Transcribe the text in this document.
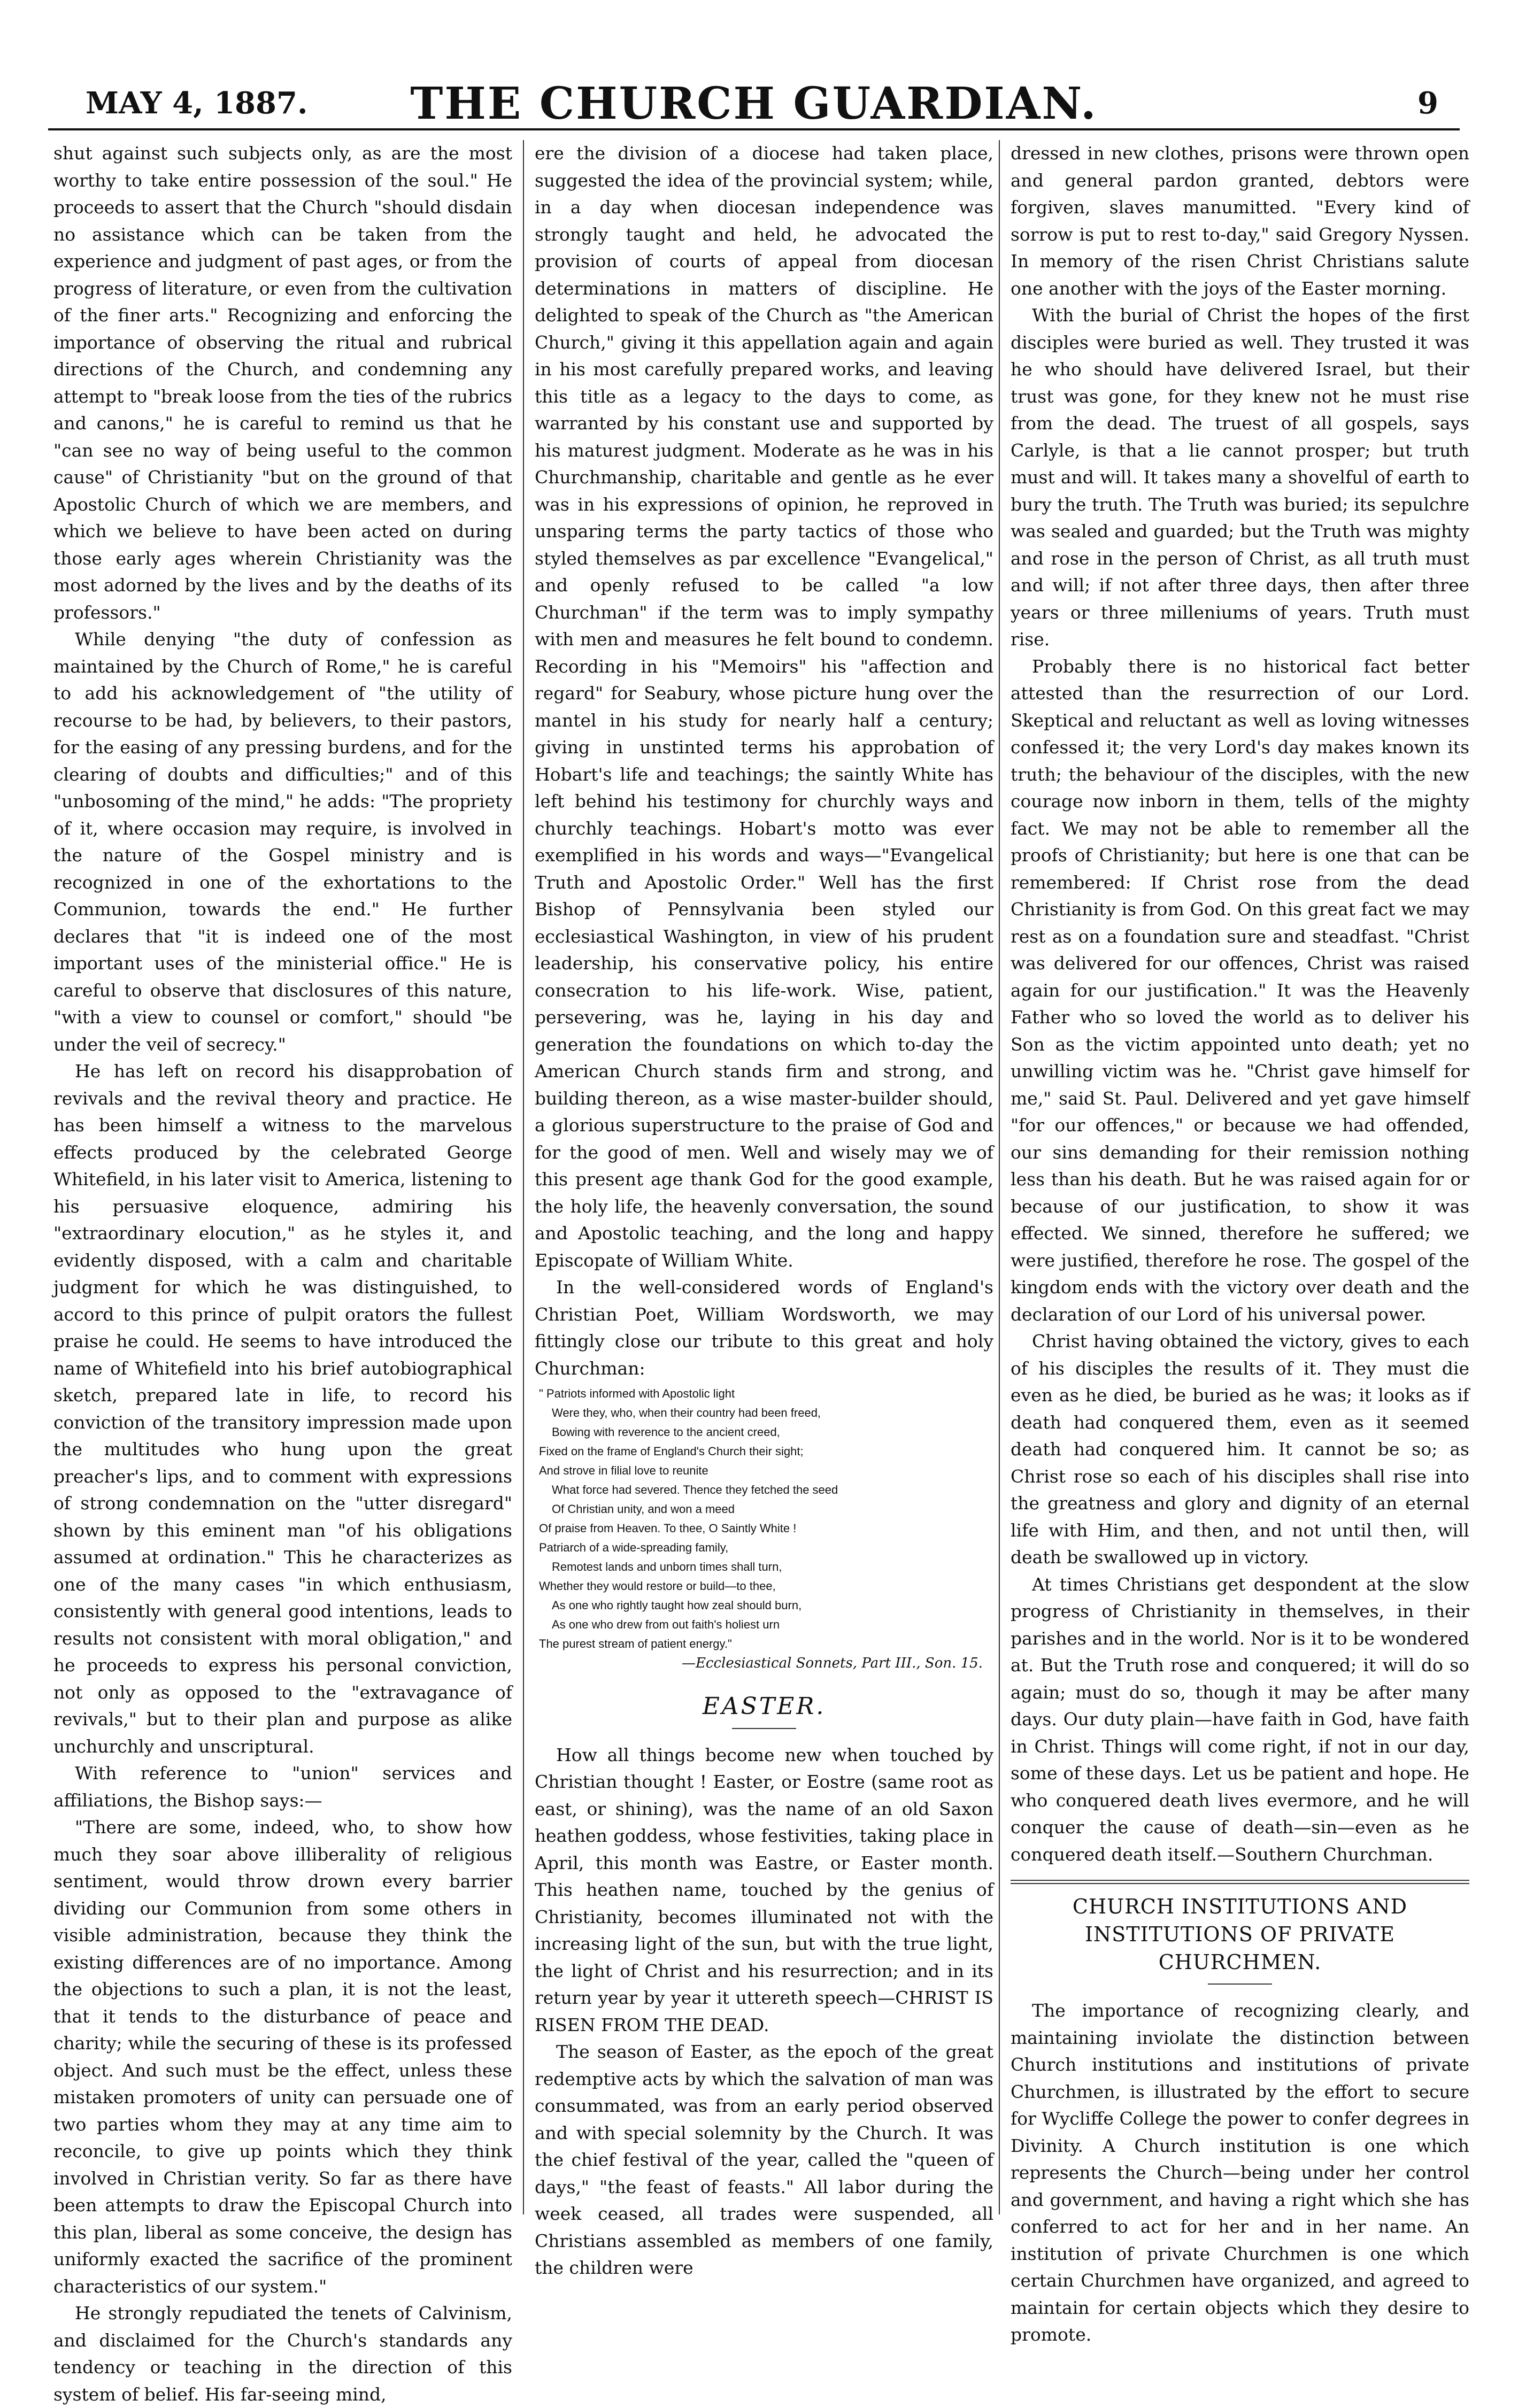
MAY 4, 1887.	THE CHURCH GUARDIAN.	9

shut against such subjects only, as are the most worthy to take entire possession of the soul." He proceeds to assert that the Church "should disdain no assistance which can be taken from the experience and judgment of past ages, or from the progress of literature, or even from the cultivation of the finer arts." Recognizing and enforcing the importance of observing the ritual and rubrical directions of the Church, and condemning any attempt to "break loose from the ties of the rubrics and canons," he is careful to remind us that he "can see no way of being useful to the common cause" of Christianity "but on the ground of that Apostolic Church of which we are members, and which we believe to have been acted on during those early ages wherein Christianity was the most adorned by the lives and by the deaths of its professors."

While denying "the duty of confession as maintained by the Church of Rome," he is careful to add his acknowledgement of "the utility of recourse to be had, by believers, to their pastors, for the easing of any pressing burdens, and for the clearing of doubts and difficulties;" and of this "unbosoming of the mind," he adds: "The propriety of it, where occasion may require, is involved in the nature of the Gospel ministry and is recognized in one of the exhortations to the Communion, towards the end." He further declares that "it is indeed one of the most important uses of the ministerial office." He is careful to observe that disclosures of this nature, "with a view to counsel or comfort," should "be under the veil of secrecy."

He has left on record his disapprobation of revivals and the revival theory and practice. He has been himself a witness to the marvelous effects produced by the celebrated George Whitefield, in his later visit to America, listening to his persuasive eloquence, admiring his "extraordinary elocution," as he styles it, and evidently disposed, with a calm and charitable judgment for which he was distinguished, to accord to this prince of pulpit orators the fullest praise he could. He seems to have introduced the name of Whitefield into his brief autobiographical sketch, prepared late in life, to record his conviction of the transitory impression made upon the multitudes who hung upon the great preacher's lips, and to comment with expressions of strong condemnation on the "utter disregard" shown by this eminent man "of his obligations assumed at ordination." This he characterizes as one of the many cases "in which enthusiasm, consistently with general good intentions, leads to results not consistent with moral obligation," and he proceeds to express his personal conviction, not only as opposed to the "extravagance of revivals," but to their plan and purpose as alike unchurchly and unscriptural.

With reference to "union" services and affiliations, the Bishop says:—

"There are some, indeed, who, to show how much they soar above illiberality of religious sentiment, would throw drown every barrier dividing our Communion from some others in visible administration, because they think the existing differences are of no importance. Among the objections to such a plan, it is not the least, that it tends to the disturbance of peace and charity; while the securing of these is its professed object. And such must be the effect, unless these mistaken promoters of unity can persuade one of two parties whom they may at any time aim to reconcile, to give up points which they think involved in Christian verity. So far as there have been attempts to draw the Episcopal Church into this plan, liberal as some conceive, the design has uniformly exacted the sacrifice of the prominent characteristics of our system."

He strongly repudiated the tenets of Calvinism, and disclaimed for the Church's standards any tendency or teaching in the direction of this system of belief. His far-seeing mind,

ere the division of a diocese had taken place, suggested the idea of the provincial system; while, in a day when diocesan independence was strongly taught and held, he advocated the provision of courts of appeal from diocesan determinations in matters of discipline. He delighted to speak of the Church as "the American Church," giving it this appellation again and again in his most carefully prepared works, and leaving this title as a legacy to the days to come, as warranted by his constant use and supported by his maturest judgment. Moderate as he was in his Churchmanship, charitable and gentle as he ever was in his expressions of opinion, he reproved in unsparing terms the party tactics of those who styled themselves as par excellence "Evangelical," and openly refused to be called "a low Churchman" if the term was to imply sympathy with men and measures he felt bound to condemn. Recording in his "Memoirs" his "affection and regard" for Seabury, whose picture hung over the mantel in his study for nearly half a century; giving in unstinted terms his approbation of Hobart's life and teachings; the saintly White has left behind his testimony for churchly ways and churchly teachings. Hobart's motto was ever exemplified in his words and ways—"Evangelical Truth and Apostolic Order." Well has the first Bishop of Pennsylvania been styled our ecclesiastical Washington, in view of his prudent leadership, his conservative policy, his entire consecration to his life-work. Wise, patient, persevering, was he, laying in his day and generation the foundations on which to-day the American Church stands firm and strong, and building thereon, as a wise master-builder should, a glorious superstructure to the praise of God and for the good of men. Well and wisely may we of this present age thank God for the good example, the holy life, the heavenly conversation, the sound and Apostolic teaching, and the long and happy Episcopate of William White.

In the well-considered words of England's Christian Poet, William Wordsworth, we may fittingly close our tribute to this great and holy Churchman:

" Patriots informed with Apostolic light
Were they, who, when their country had been freed,
Bowing with reverence to the ancient creed,
Fixed on the frame of England's Church their sight;
And strove in filial love to reunite
What force had severed. Thence they fetched the seed
Of Christian unity, and won a meed
Of praise from Heaven. To thee, O Saintly White !
Patriarch of a wide-spreading family,
Remotest lands and unborn times shall turn,
Whether they would restore or build—to thee,
As one who rightly taught how zeal should burn,
As one who drew from out faith's holiest urn
The purest stream of patient energy."
—Ecclesiastical Sonnets, Part III., Son. 15.
EASTER.

How all things become new when touched by Christian thought ! Easter, or Eostre (same root as east, or shining), was the name of an old Saxon heathen goddess, whose festivities, taking place in April, this month was Eastre, or Easter month. This heathen name, touched by the genius of Christianity, becomes illuminated not with the increasing light of the sun, but with the true light, the light of Christ and his resurrection; and in its return year by year it uttereth speech—CHRIST IS RISEN FROM THE DEAD.

The season of Easter, as the epoch of the great redemptive acts by which the salvation of man was consummated, was from an early period observed and with special solemnity by the Church. It was the chief festival of the year, called the "queen of days," "the feast of feasts." All labor during the week ceased, all trades were suspended, all Christians assembled as members of one family, the children were

dressed in new clothes, prisons were thrown open and general pardon granted, debtors were forgiven, slaves manumitted. "Every kind of sorrow is put to rest to-day," said Gregory Nyssen. In memory of the risen Christ Christians salute one another with the joys of the Easter morning.

With the burial of Christ the hopes of the first disciples were buried as well. They trusted it was he who should have delivered Israel, but their trust was gone, for they knew not he must rise from the dead. The truest of all gospels, says Carlyle, is that a lie cannot prosper; but truth must and will. It takes many a shovelful of earth to bury the truth. The Truth was buried; its sepulchre was sealed and guarded; but the Truth was mighty and rose in the person of Christ, as all truth must and will; if not after three days, then after three years or three milleniums of years. Truth must rise.

Probably there is no historical fact better attested than the resurrection of our Lord. Skeptical and reluctant as well as loving witnesses confessed it; the very Lord's day makes known its truth; the behaviour of the disciples, with the new courage now inborn in them, tells of the mighty fact. We may not be able to remember all the proofs of Christianity; but here is one that can be remembered: If Christ rose from the dead Christianity is from God. On this great fact we may rest as on a foundation sure and steadfast. "Christ was delivered for our offences, Christ was raised again for our justification." It was the Heavenly Father who so loved the world as to deliver his Son as the victim appointed unto death; yet no unwilling victim was he. "Christ gave himself for me," said St. Paul. Delivered and yet gave himself "for our offences," or because we had offended, our sins demanding for their remission nothing less than his death. But he was raised again for or because of our justification, to show it was effected. We sinned, therefore he suffered; we were justified, therefore he rose. The gospel of the kingdom ends with the victory over death and the declaration of our Lord of his universal power.

Christ having obtained the victory, gives to each of his disciples the results of it. They must die even as he died, be buried as he was; it looks as if death had conquered them, even as it seemed death had conquered him. It cannot be so; as Christ rose so each of his disciples shall rise into the greatness and glory and dignity of an eternal life with Him, and then, and not until then, will death be swallowed up in victory.

At times Christians get despondent at the slow progress of Christianity in themselves, in their parishes and in the world. Nor is it to be wondered at. But the Truth rose and conquered; it will do so again; must do so, though it may be after many days. Our duty plain—have faith in God, have faith in Christ. Things will come right, if not in our day, some of these days. Let us be patient and hope. He who conquered death lives evermore, and he will conquer the cause of death—sin—even as he conquered death itself.—Southern Churchman.

CHURCH INSTITUTIONS AND INSTITUTIONS OF PRIVATE CHURCHMEN.

The importance of recognizing clearly, and maintaining inviolate the distinction between Church institutions and institutions of private Churchmen, is illustrated by the effort to secure for Wycliffe College the power to confer degrees in Divinity. A Church institution is one which represents the Church—being under her control and government, and having a right which she has conferred to act for her and in her name. An institution of private Churchmen is one which certain Churchmen have organized, and agreed to maintain for certain objects which they desire to promote.
